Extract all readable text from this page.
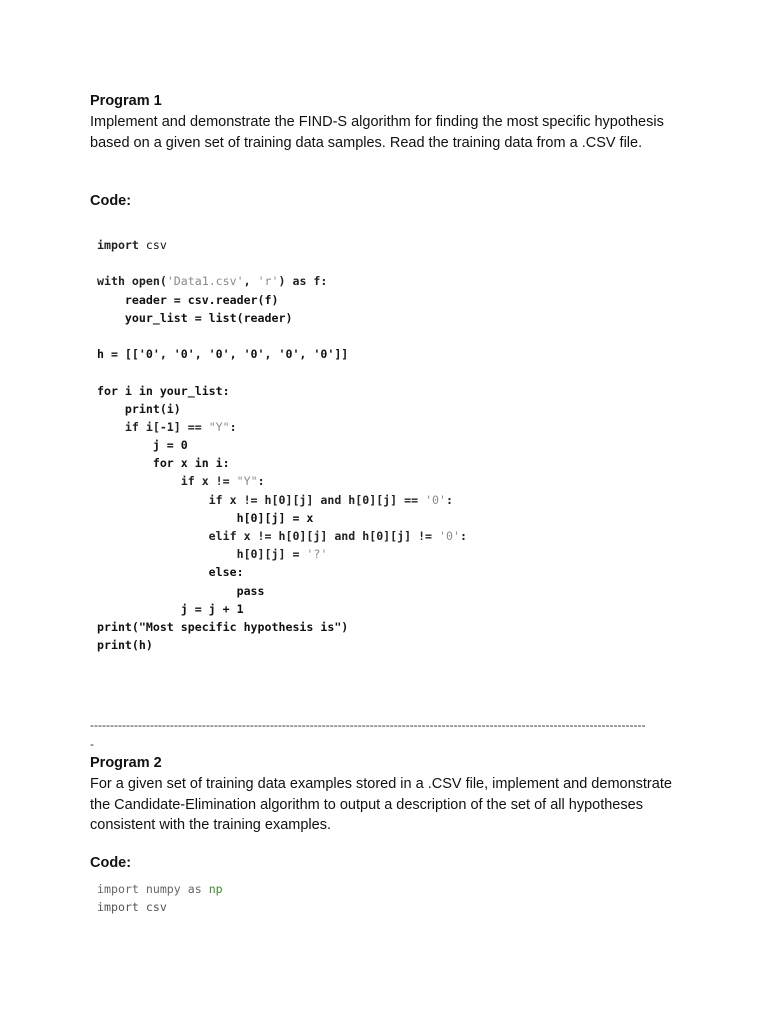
Program 1
Implement and demonstrate the FIND-S algorithm for finding the most specific hypothesis based on a given set of training data samples. Read the training data from a .CSV file.
Code:
import csv

with open('Data1.csv', 'r') as f:
reader = csv.reader(f)
your_list = list(reader)

h = [['0', '0', '0', '0', '0', '0']]

for i in your_list:
print(i)
if i[-1] == "Y":
j = 0
for x in i:
if x != "Y":
if x != h[0][j] and h[0][j] == '0':
h[0][j] = x
elif x != h[0][j] and h[0][j] != '0':
h[0][j] = '?'
else:
pass
j = j + 1
print("Most specific hypothesis is")
print(h)
-------------------------------------------------------------------------------------------------------------------------------------------
-
Program 2
For a given set of training data examples stored in a .CSV file, implement and demonstrate the Candidate-Elimination algorithm to output a description of the set of all hypotheses consistent with the training examples.
Code:
import numpy as np
import csv
